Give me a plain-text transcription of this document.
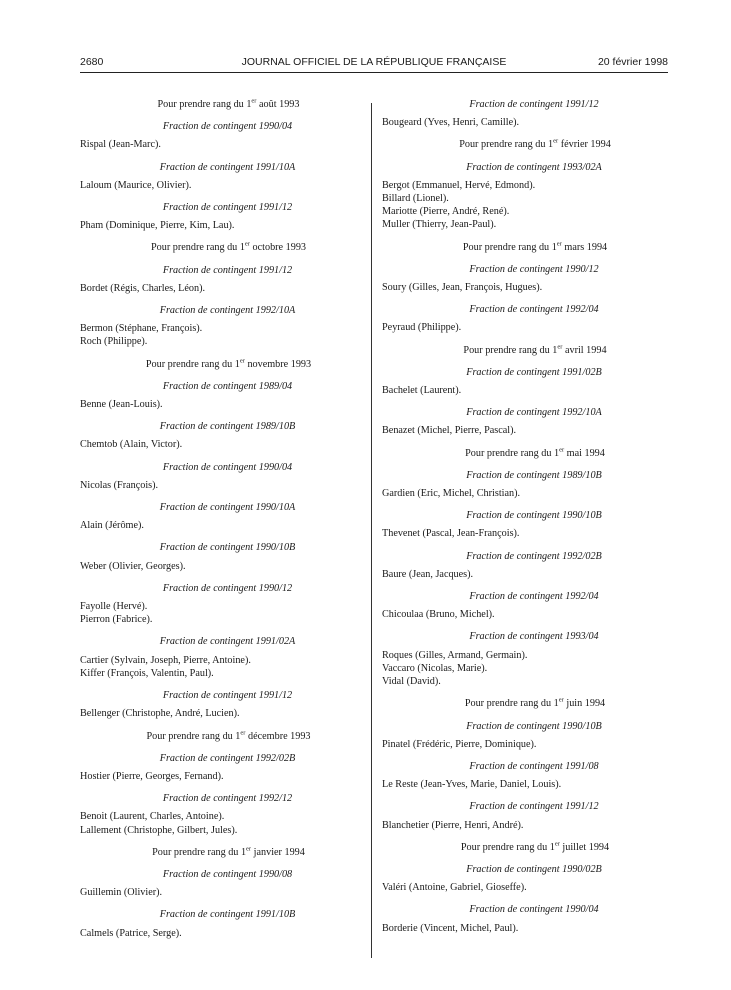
2680	JOURNAL OFFICIEL DE LA RÉPUBLIQUE FRANÇAISE	20 février 1998
Pour prendre rang du 1er août 1993
Fraction de contingent 1990/04
Rispal (Jean-Marc).
Fraction de contingent 1991/10A
Laloum (Maurice, Olivier).
Fraction de contingent 1991/12
Pham (Dominique, Pierre, Kim, Lau).
Pour prendre rang du 1er octobre 1993
Fraction de contingent 1991/12
Bordet (Régis, Charles, Léon).
Fraction de contingent 1992/10A
Bermon (Stéphane, François).
Roch (Philippe).
Pour prendre rang du 1er novembre 1993
Fraction de contingent 1989/04
Benne (Jean-Louis).
Fraction de contingent 1989/10B
Chemtob (Alain, Victor).
Fraction de contingent 1990/04
Nicolas (François).
Fraction de contingent 1990/10A
Alain (Jérôme).
Fraction de contingent 1990/10B
Weber (Olivier, Georges).
Fraction de contingent 1990/12
Fayolle (Hervé).
Pierron (Fabrice).
Fraction de contingent 1991/02A
Cartier (Sylvain, Joseph, Pierre, Antoine).
Kiffer (François, Valentin, Paul).
Fraction de contingent 1991/12
Bellenger (Christophe, André, Lucien).
Pour prendre rang du 1er décembre 1993
Fraction de contingent 1992/02B
Hostier (Pierre, Georges, Fernand).
Fraction de contingent 1992/12
Benoit (Laurent, Charles, Antoine).
Lallement (Christophe, Gilbert, Jules).
Pour prendre rang du 1er janvier 1994
Fraction de contingent 1990/08
Guillemin (Olivier).
Fraction de contingent 1991/10B
Calmels (Patrice, Serge).
Fraction de contingent 1991/12
Bougeard (Yves, Henri, Camille).
Pour prendre rang du 1er février 1994
Fraction de contingent 1993/02A
Bergot (Emmanuel, Hervé, Edmond).
Billard (Lionel).
Mariotte (Pierre, André, René).
Muller (Thierry, Jean-Paul).
Pour prendre rang du 1er mars 1994
Fraction de contingent 1990/12
Soury (Gilles, Jean, François, Hugues).
Fraction de contingent 1992/04
Peyraud (Philippe).
Pour prendre rang du 1er avril 1994
Fraction de contingent 1991/02B
Bachelet (Laurent).
Fraction de contingent 1992/10A
Benazet (Michel, Pierre, Pascal).
Pour prendre rang du 1er mai 1994
Fraction de contingent 1989/10B
Gardien (Eric, Michel, Christian).
Fraction de contingent 1990/10B
Thevenet (Pascal, Jean-François).
Fraction de contingent 1992/02B
Baure (Jean, Jacques).
Fraction de contingent 1992/04
Chicoulaa (Bruno, Michel).
Fraction de contingent 1993/04
Roques (Gilles, Armand, Germain).
Vaccaro (Nicolas, Marie).
Vidal (David).
Pour prendre rang du 1er juin 1994
Fraction de contingent 1990/10B
Pinatel (Frédéric, Pierre, Dominique).
Fraction de contingent 1991/08
Le Reste (Jean-Yves, Marie, Daniel, Louis).
Fraction de contingent 1991/12
Blanchetier (Pierre, Henri, André).
Pour prendre rang du 1er juillet 1994
Fraction de contingent 1990/02B
Valéri (Antoine, Gabriel, Gioseffe).
Fraction de contingent 1990/04
Borderie (Vincent, Michel, Paul).
